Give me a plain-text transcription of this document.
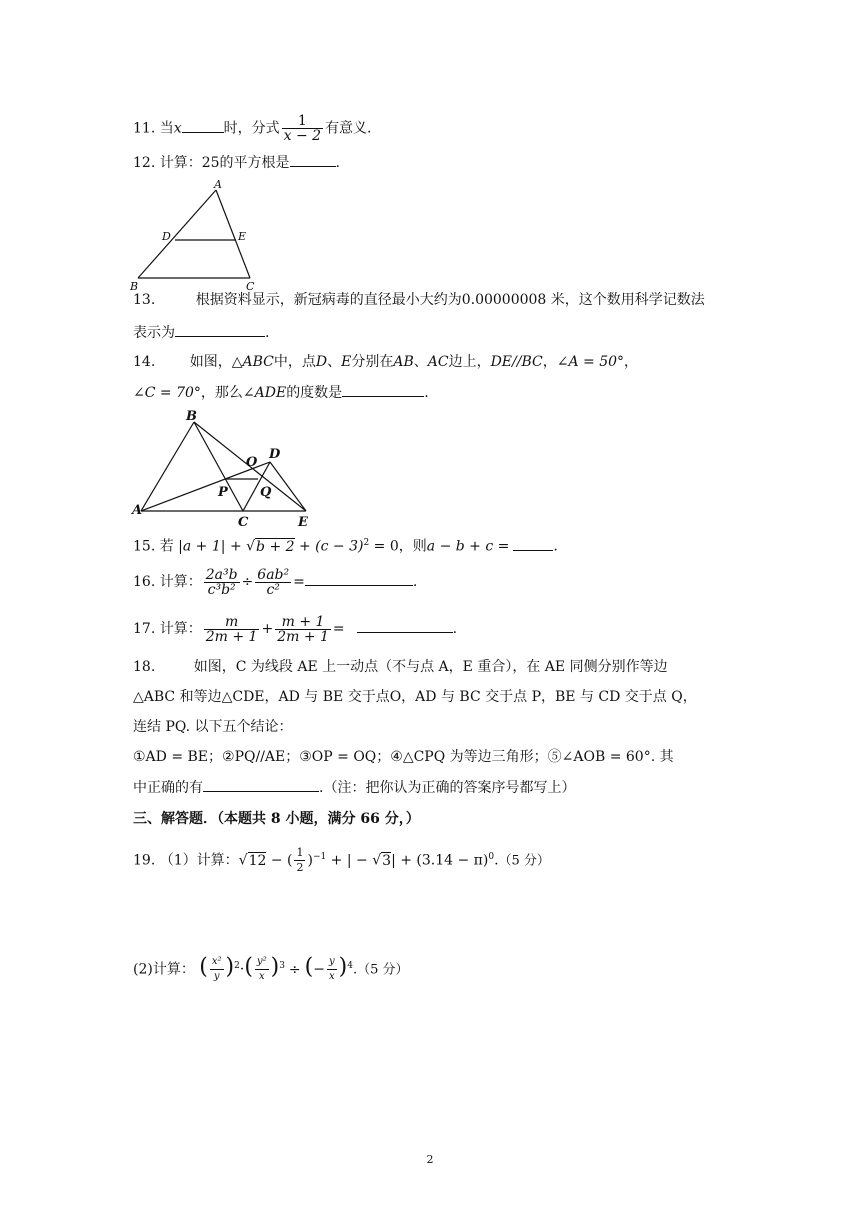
11. 当x	时，分式 $\frac{1}{x - 2}$ 有意义.
12. 计算：25的平方根是	.
A
D	E
B	C
13.	根据资料显示，新冠病毒的直径最小大约为0.00000008 米，这个数用科学记数法
表示为	.
14. 如图，△ABC中，点D、E分别在AB、AC边上，DE//BC，∠A = 50°，
∠C = 70°，那么∠ADE的度数是	.
B
O
D
P Q
A
C	E
15. 若 $|a + 1| + √b + 2 + (c - 3)^2 = 0$，则a − b + c =	.
16. 计算： $\frac{\text{2a³b}}{\text{c³b²}} \div \frac{\text{6ab²}}{\text{c²}}$ =	.
17. 计算： $\frac{m}{2m + 1} + \frac{m + 1}{2m + 1}$ =	.
18.	如图，C 为线段 AE 上一动点（不与点 A，E 重合），在 AE 同侧分别作等边
△ABC 和等边△CDE，AD 与 BE 交于点O，AD 与 BC 交于点 P，BE 与 CD 交于点 Q，
连结 PQ. 以下五个结论：
①AD = BE；②PQ//AE；③OP = OQ；④△CPQ 为等边三角形；⑤∠AOB = 60°. 其
中正确的有	.（注：把你认为正确的答案序号都写上）
三、解答题．（本题共 8 小题，满分 66 分，）
19. （1）计算：√12 − ( $\frac{1}{2} )^{-1}$ + | − $√3| + (3.14 - \pi)^0.(5$ 分）
(2)计算： ( $\frac{\text{x²}}{y} )^2\cdot( \frac{\text{y²}}{x} )^3$ ÷ (− $\frac{y}{x} )^4.(5$ 分）
2
